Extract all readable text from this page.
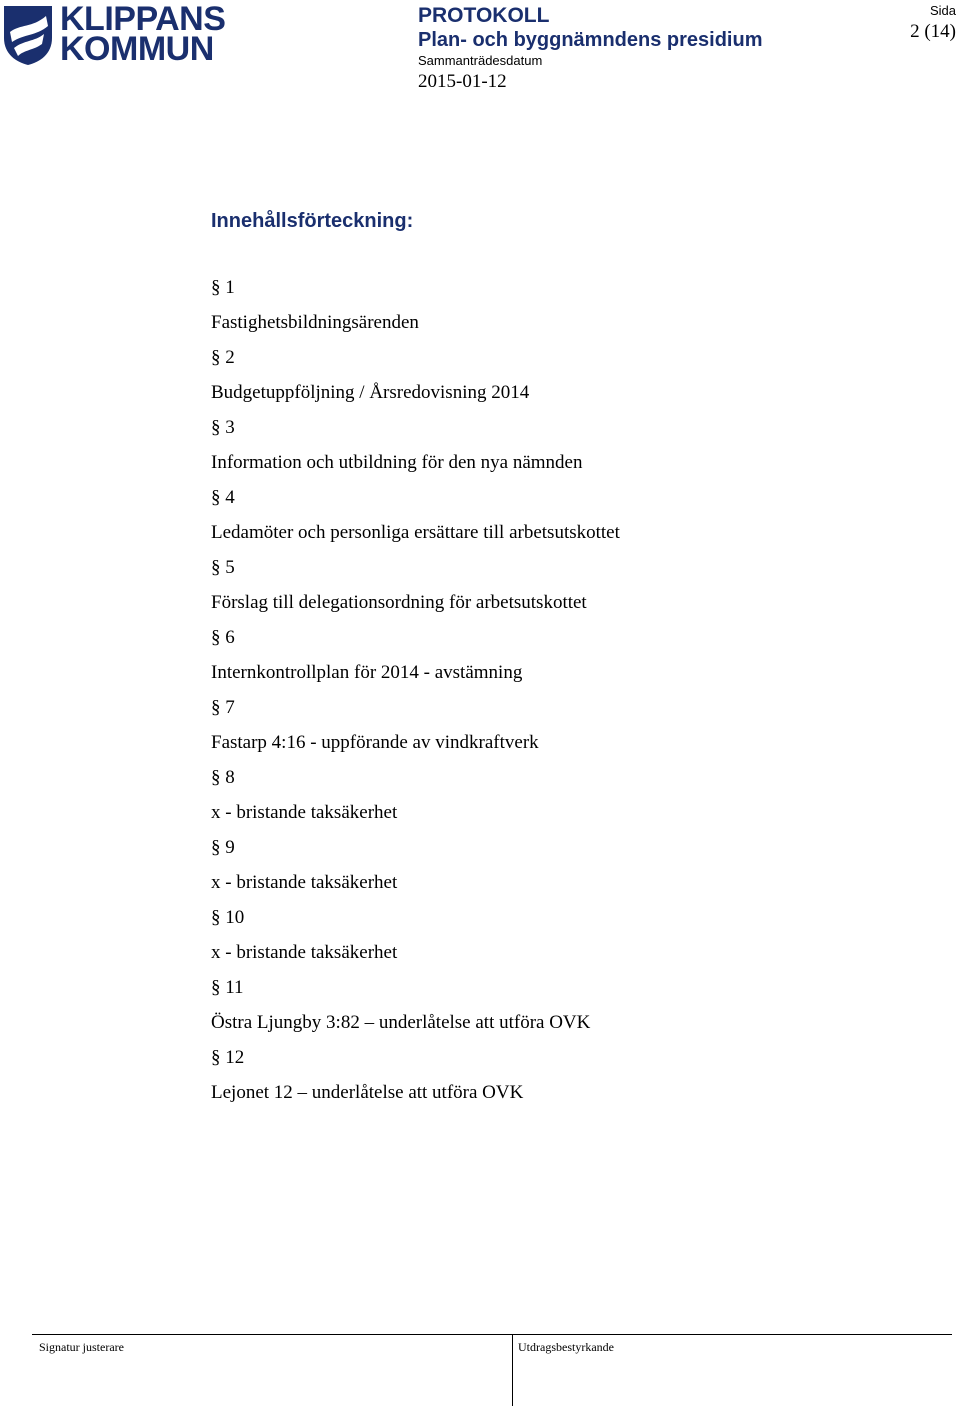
KLIPPANS
KOMMUN
PROTOKOLL
Plan- och byggnämndens presidium
Sammanträdesdatum
2015-01-12
Sida
2 (14)
Innehållsförteckning:
§ 1
Fastighetsbildningsärenden
§ 2
Budgetuppföljning / Årsredovisning 2014
§ 3
Information och utbildning för den nya nämnden
§ 4
Ledamöter och personliga ersättare till arbetsutskottet
§ 5
Förslag till delegationsordning för arbetsutskottet
§ 6
Internkontrollplan för 2014 - avstämning
§ 7
Fastarp 4:16 - uppförande av vindkraftverk
§ 8
x - bristande taksäkerhet
§ 9
x - bristande taksäkerhet
§ 10
x - bristande taksäkerhet
§ 11
Östra Ljungby 3:82 – underlåtelse att utföra OVK
§ 12
Lejonet 12 – underlåtelse att utföra OVK
Signatur justerare	Utdragsbestyrkande
